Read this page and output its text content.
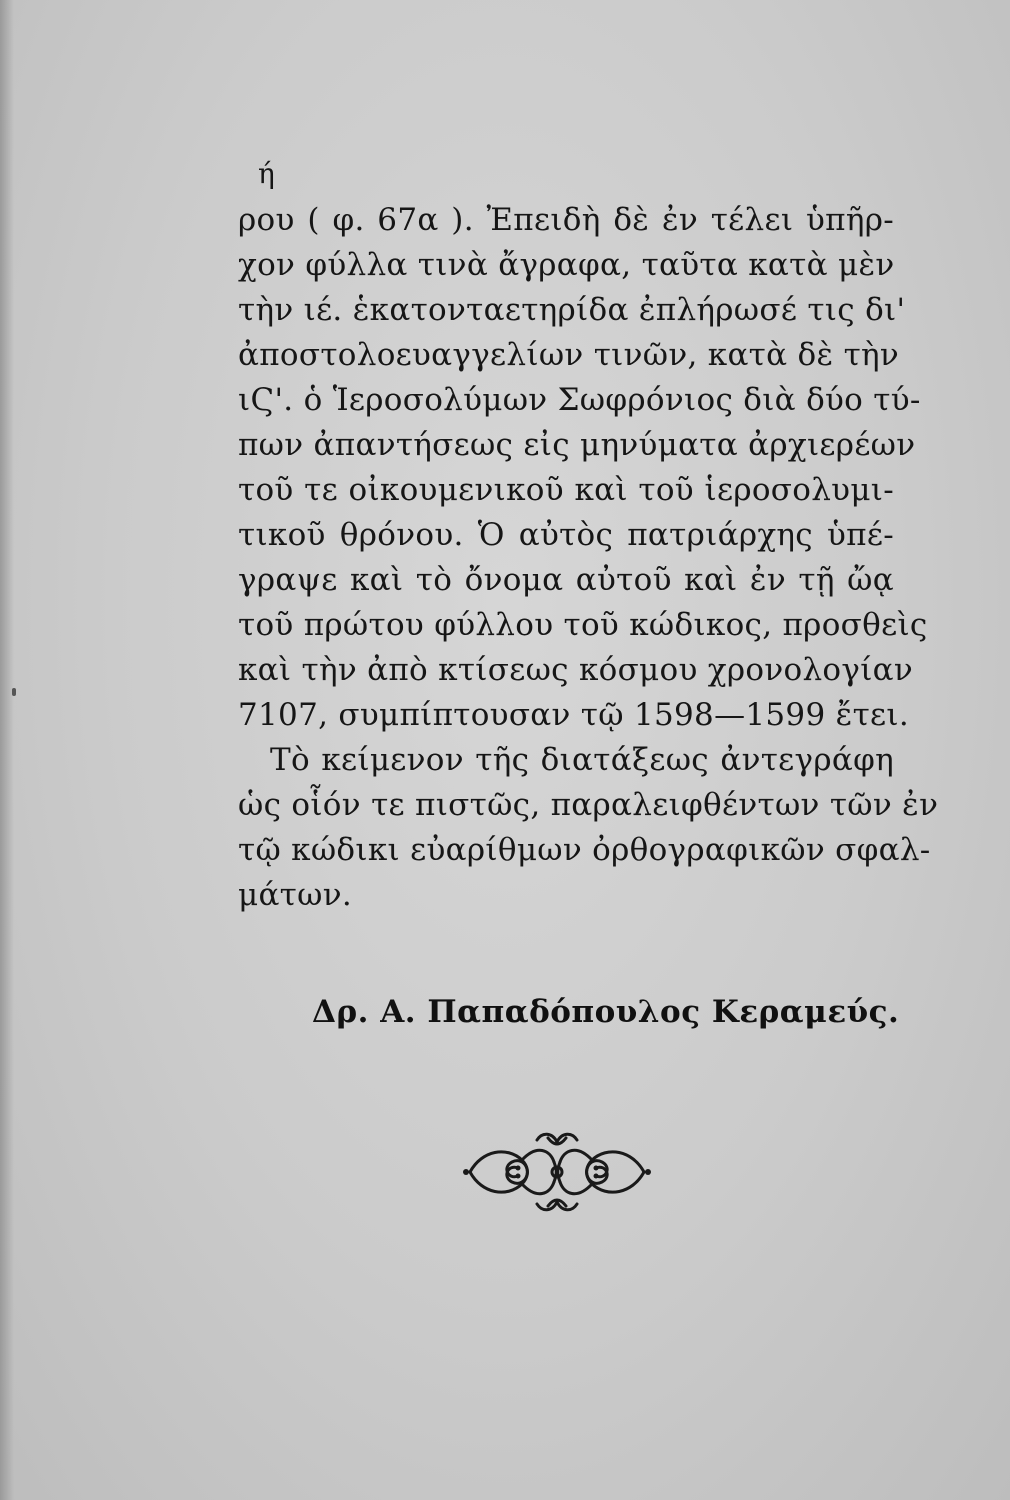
ή
ρου ( φ. 67α ). Ἐπειδὴ δὲ ἐν τέλει ὑπῆρ-
χον φύλλα τινὰ ἄγραφα, ταῦτα κατὰ μὲν
τὴν ιέ. ἑκατονταετηρίδα ἐπλήρωσέ τις δι'
ἀποστολοευαγγελίων τινῶν, κατὰ δὲ τὴν
ιϚ'. ὁ Ἱεροσολύμων Σωφρόνιος διὰ δύο τύ-
πων ἀπαντήσεως εἰς μηνύματα ἀρχιερέων
τοῦ τε οἰκουμενικοῦ καὶ τοῦ ἱεροσολυμι-
τικοῦ θρόνου. Ὁ αὐτὸς πατριάρχης ὑπέ-
γραψε καὶ τὸ ὄνομα αὐτοῦ καὶ ἐν τῇ ὤᾳ
τοῦ πρώτου φύλλου τοῦ κώδικος, προσθεὶς
καὶ τὴν ἀπὸ κτίσεως κόσμου χρονολογίαν
7107, συμπίπτουσαν τῷ 1598—1599 ἔτει.
Τὸ κείμενον τῆς διατάξεως ἀντεγράφη
ὡς οἷόν τε πιστῶς, παραλειφθέντων τῶν ἐν
τῷ κώδικι εὐαρίθμων ὀρθογραφικῶν σφαλ-
μάτων.
Δρ. Α. Παπαδόπουλος Κεραμεύς.
